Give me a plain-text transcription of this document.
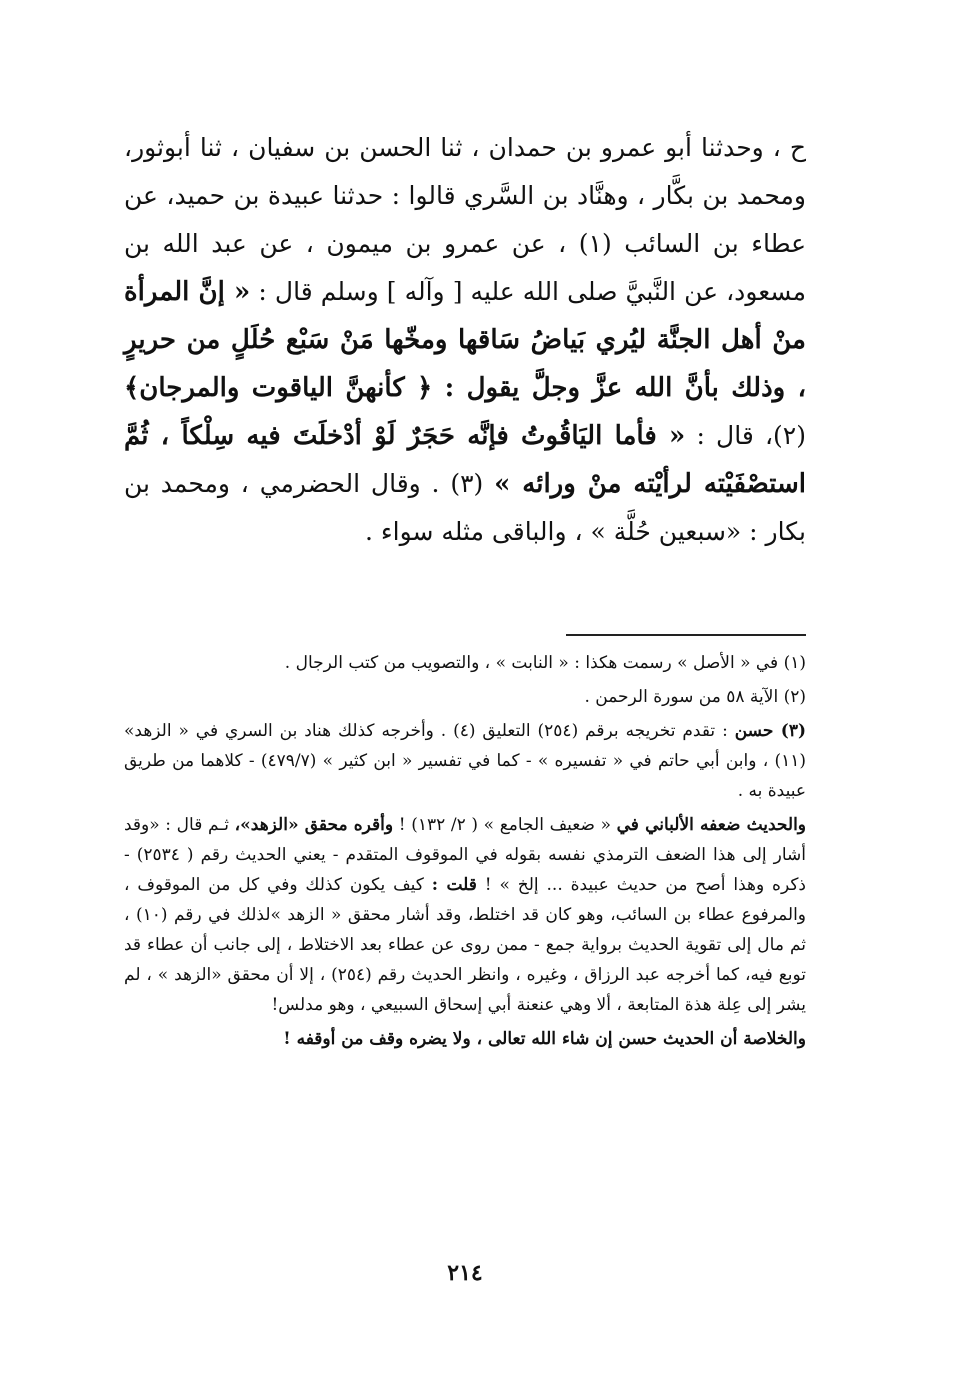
ح ، وحدثنا أبو عمرو بن حمدان ، ثنا الحسن بن سفيان ، ثنا أبوثور، ومحمد بن بكَّار ، وهنَّاد بن السَّري قالوا : حدثنا عبيدة بن حميد، عن عطاء بن السائب (١) ، عن عمرو بن ميمون ، عن عبد الله بن مسعود، عن النَّبيَّ صلى الله عليه [ وآله ] وسلم قال : « إنَّ المرأة منْ أهل الجنَّة ليُري بَياضُ سَاقها ومخّها مَنْ سَبْع حُلَلٍ من حريرٍ ، وذلك بأنَّ الله عزَّ وجلَّ يقول : ﴿ كأنهنَّ الياقوت والمرجان﴾(٢)، قال : « فأما اليَاقُوتُ فإنَّه حَجَرٌ لَوْ أدْخلَتَ فيه سِلْكاً ، ثُمَّ استصْفَيْته لرأيْته منْ ورائه » (٣) . وقال الحضرمي ، ومحمد بن بكار : «سبعين حُلَّة » ، والباقى مثله سواء .

(١) في « الأصل » رسمت هكذا : « النابت » ، والتصويب من كتب الرجال .

(٢) الآية ٥٨ من سورة الرحمن .

(٣) حسن : تقدم تخريجه برقم (٢٥٤) التعليق (٤) . وأخرجه كذلك هناد بن السري في « الزهد» (١١) ، وابن أبي حاتم في « تفسيره » - كما في تفسير « ابن كثير » (٤٧٩/٧) - كلاهما من طريق عبيدة به .

والحديث ضعفه الألباني في « ضعيف الجامع » ( ٢/ ١٣٢) ! وأقره محقق «الزهد»، ثـم قال : «وقد أشار إلى هذا الضعف الترمذي نفسه بقوله في الموقوف المتقدم - يعني الحديث رقم ( ٢٥٣٤) - ذكره وهذا أصح من حديث عبيدة ... إلخ » ! قلت : كيف يكون كذلك وفي كل من الموقوف ، والمرفوع عطاء بن السائب، وهو كان قد اختلط، وقد أشار محقق « الزهد »لذلك في رقم (١٠) ، ثم مال إلى تقوية الحديث برواية جمع - ممن روى عن عطاء بعد الاختلاط ، إلى جانب أن عطاء قد توبع فيه، كما أخرجه عبد الرزاق ، وغيره ، وانظر الحديث رقم (٢٥٤) ، إلا أن محقق «الزهد » ، لم يشر إلى عِلة هذة المتابعة ، ألا وهي عنعنة أبي إسحاق السبيعي ، وهو مدلس!

والخلاصة أن الحديث حسن إن شاء الله تعالى ، ولا يضره وقف من أوقفه !

٢١٤
